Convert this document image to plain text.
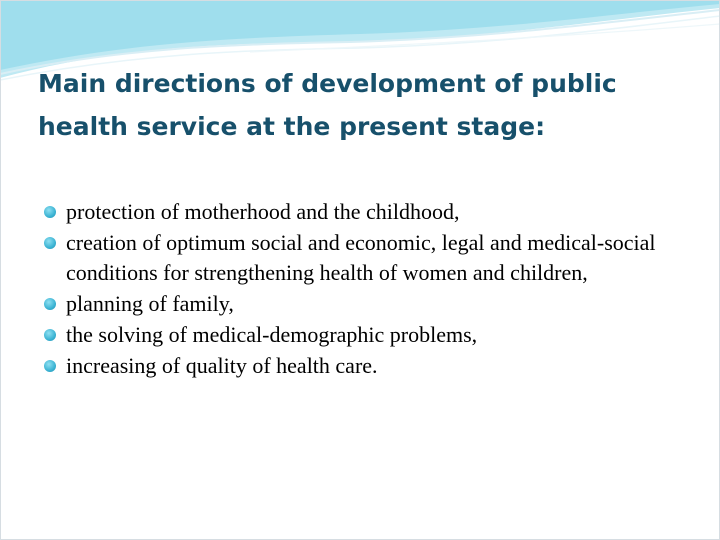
Main directions of development of public health service at the present stage:
protection of motherhood and the childhood,
creation of optimum social and economic, legal and medical-social conditions for strengthening health of women and children,
planning of family,
the solving of medical-demographic problems,
increasing of quality of health care.
